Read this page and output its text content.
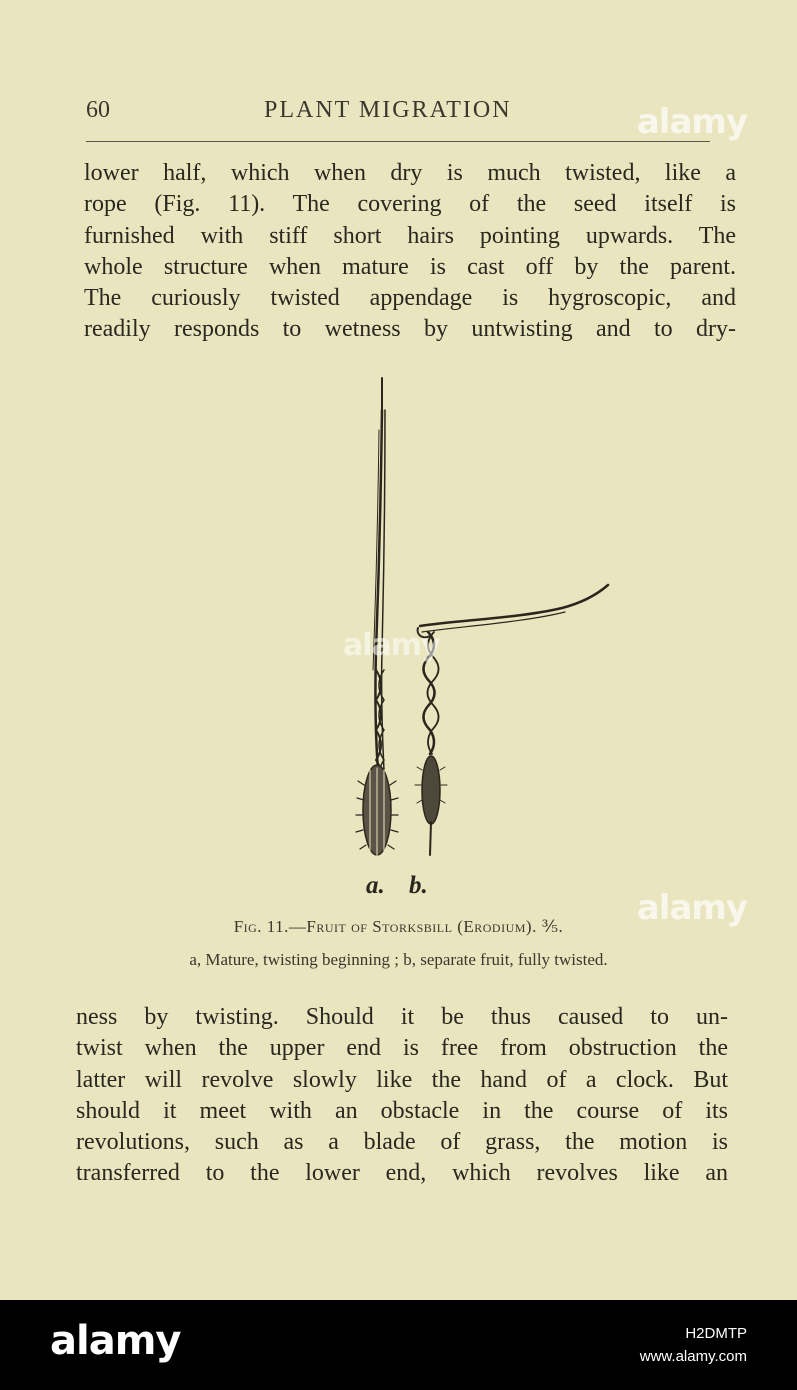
60	PLANT MIGRATION
lower half, which when dry is much twisted, like a
rope (Fig. 11). The covering of the seed itself is
furnished with stiff short hairs pointing upwards. The
whole structure when mature is cast off by the parent.
The curiously twisted appendage is hygroscopic, and
readily responds to wetness by untwisting and to dry-
a. b.
Fig. 11.—Fruit of Storksbill (Erodium). ⅗.
a, Mature, twisting beginning ; b, separate fruit, fully twisted.
ness by twisting. Should it be thus caused to un-
twist when the upper end is free from obstruction the
latter will revolve slowly like the hand of a clock. But
should it meet with an obstacle in the course of its
revolutions, such as a blade of grass, the motion is
transferred to the lower end, which revolves like an
alamy
alamy
alamy
alamy	H2DMTP
www.alamy.com
